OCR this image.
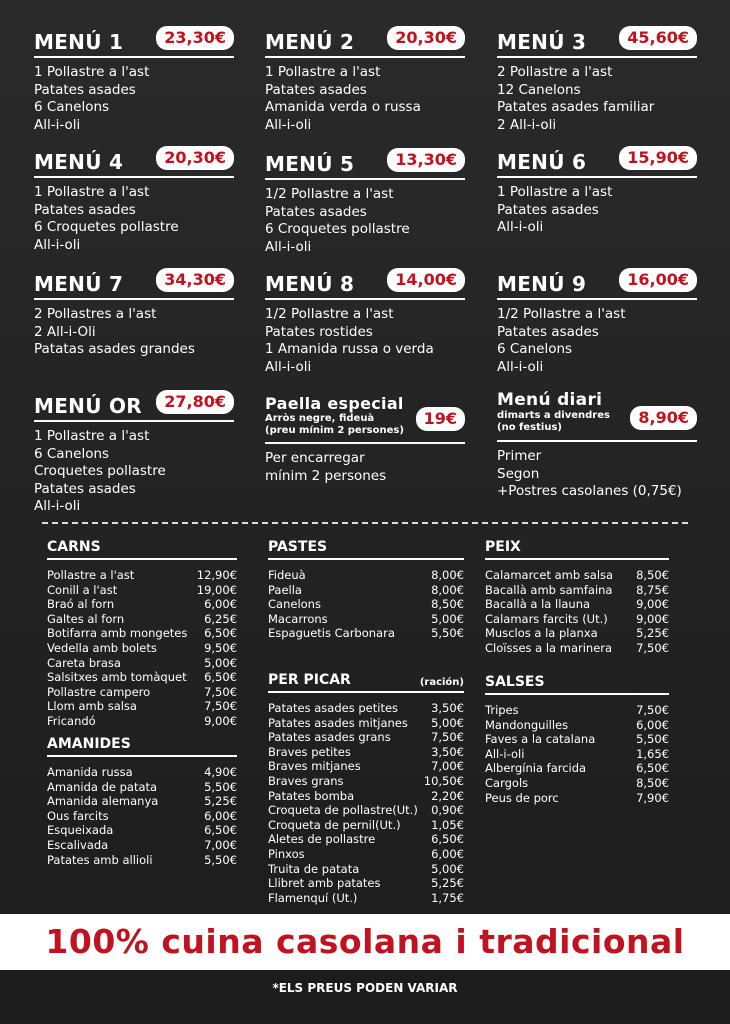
MENÚ 1	23,30€
1 Pollastre a l'ast
Patates asades
6 Canelons
All-i-oli
MENÚ 2	20,30€
1 Pollastre a l'ast
Patates asades
Amanida verda o russa
All-i-oli
MENÚ 3	45,60€
2 Pollastre a l'ast
12 Canelons
Patates asades familiar
2 All-i-oli
MENÚ 4	20,30€
1 Pollastre a l'ast
Patates asades
6 Croquetes pollastre
All-i-oli
MENÚ 5	13,30€
1/2 Pollastre a l'ast
Patates asades
6 Croquetes pollastre
All-i-oli
MENÚ 6	15,90€
1 Pollastre a l'ast
Patates asades
All-i-oli
MENÚ 7	34,30€
2 Pollastres a l'ast
2 All-i-Oli
Patatas asades grandes
MENÚ 8	14,00€
1/2 Pollastre a l'ast
Patates rostides
1 Amanida russa o verda
All-i-oli
MENÚ 9	16,00€
1/2 Pollastre a l'ast
Patates asades
6 Canelons
All-i-oli
MENÚ OR	27,80€
1 Pollastre a l'ast
6 Canelons
Croquetes pollastre
Patates asades
All-i-oli
Paella especial
Arròs negre, fideuà
(preu mínim 2 persones)
19€
Per encarregar
mínim 2 persones
Menú diari
dimarts a divendres
(no festius)
8,90€
Primer
Segon
+Postres casolanes (0,75€)
CARNS
Pollastre a l'ast	12,90€
Conill a l'ast	19,00€
Braó al forn	6,00€
Galtes al forn	6,25€
Botifarra amb mongetes 6,50€
Vedella amb bolets	9,50€
Careta brasa	5,00€
Salsitxes amb tomàquet 6,50€
Pollastre campero	7,50€
Llom amb salsa	7,50€
Fricandó	9,00€
AMANIDES
Amanida russa	4,90€
Amanida de patata	5,50€
Amanida alemanya	5,25€
Ous farcits	6,00€
Esqueixada	6,50€
Escalivada	7,00€
Patates amb allioli	5,50€
PASTES
Fideuà	8,00€
Paella	8,00€
Canelons	8,50€
Macarrons	5,00€
Espaguetis Carbonara	5,50€
PER PICAR	(ración)
Patates asades petites	3,50€
Patates asades mitjanes 5,00€
Patates asades grans	7,50€
Braves petites	3,50€
Braves mitjanes	7,00€
Braves grans	10,50€
Patates bomba	2,20€
Croqueta de pollastre(Ut.) 0,90€
Croqueta de pernil(Ut.)	1,05€
Aletes de pollastre	6,50€
Pinxos	6,00€
Truita de patata	5,00€
Llibret amb patates	5,25€
Flamenquí (Ut.)	1,75€
PEIX
Calamarcet amb salsa 8,50€
Bacallà amb samfaina 8,75€
Bacallà a la llauna	9,00€
Calamars farcits (Ut.) 9,00€
Musclos a la planxa	5,25€
Cloïsses a la marinera 7,50€
SALSES
Tripes	7,50€
Mandonguilles	6,00€
Faves a la catalana	5,50€
All-i-oli	1,65€
Albergínia farcida	6,50€
Cargols	8,50€
Peus de porc	7,90€
100% cuina casolana i tradicional
*ELS PREUS PODEN VARIAR
